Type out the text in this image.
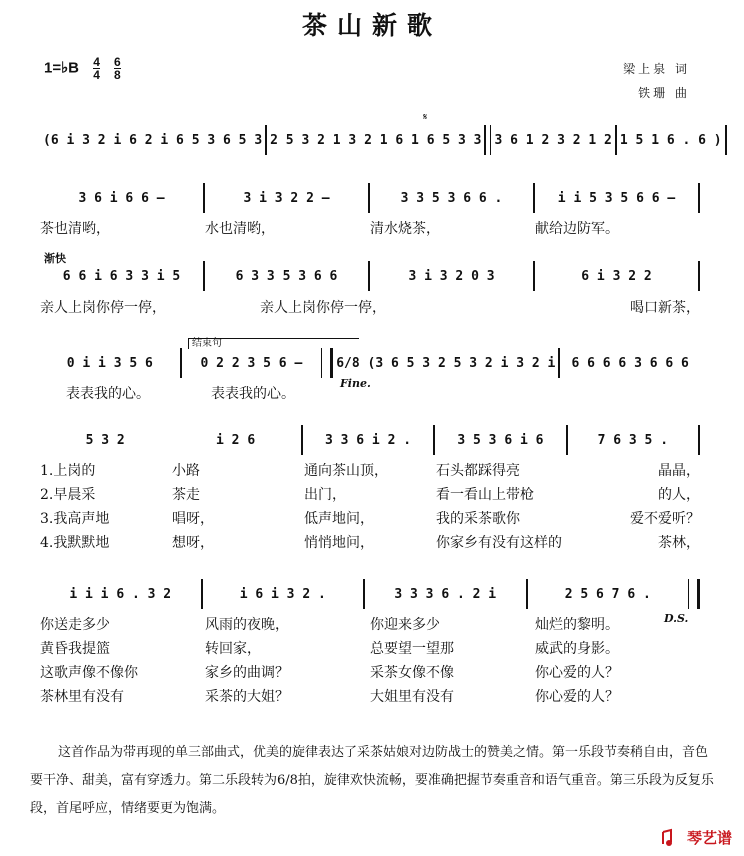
茶山新歌
1=♭B $\frac{4}{4} \frac{6}{8}$	梁上泉 词
铁珊 曲
𝄋
(6 i 3 2 i 6 2 i 6 5 3 6 5 3 2 5 3 2 1 3 2 1 6 1 6 5 3 3 3 6 1 2 3 2 1 2 1 5 1 6 . 6 )
3 6 i 6 6 –	3 i 3 2 2 –	3 3 5 3 6 6 .	i i 5 3 5 6 6 –
茶也清哟，	水也清哟，	清水烧茶，	献给边防军。
渐快
6 6 i 6 3 3 i 5	6 3 3 5 3 6 6	3 i 3 2 0 3	6 i 3 2 2
亲人上岗你停一停，	亲人上岗你停一停，	喝口新茶，
结束句
0 i i 3 5 6	0 2 2 3 5 6 –	6/8 (3 6 5 3 2 5 3 2 i 3 2 i	6 6 6 6 3 6 6 6
Fine.
表表我的心。	表表我的心。
5 3 2	i 2 6	3 3 6 i 2 .	3 5 3 6 i 6	7 6 3 5 .
1.上岗的	小路	通向茶山顶，	石头都踩得亮	晶晶，
2.早晨采	茶走	出门，	看一看山上带枪	的人，
3.我高声地	唱呀，	低声地问，	我的采茶歌你	爱不爱听？
4.我默默地	想呀，	悄悄地问，	你家乡有没有这样的	茶林，
i i i 6 . 3 2	i 6 i 3 2 .	3 3 3 6 . 2 i	2 5 6 7 6 .
D.S.
你送走多少	风雨的夜晚，	你迎来多少	灿烂的黎明。
黄昏我提篮	转回家，	总要望一望那	威武的身影。
这歌声像不像你	家乡的曲调？	采茶女像不像	你心爱的人？
茶林里有没有	采茶的大姐？	大姐里有没有	你心爱的人？
这首作品为带再现的单三部曲式，优美的旋律表达了采茶姑娘对边防战士的赞美之情。第一乐段节奏稍自由，音色要干净、甜美，富有穿透力。第二乐段转为6/8拍，旋律欢快流畅，要准确把握节奏重音和语气重音。第三乐段为反复乐段，首尾呼应，情绪要更为饱满。
琴艺谱
